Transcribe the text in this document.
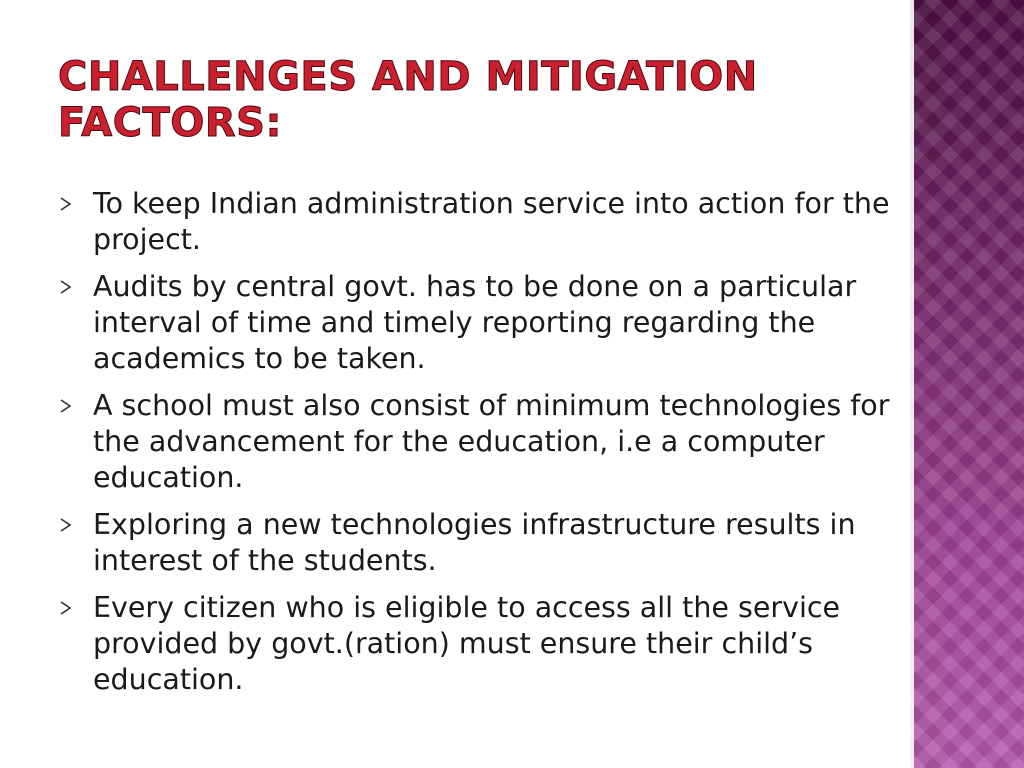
CHALLENGES AND MITIGATION FACTORS:
To keep Indian administration service into action for the project.
Audits by central govt. has to be done on a particular interval of time and timely reporting regarding the academics to be taken.
A school must also consist of minimum technologies for the advancement for the education, i.e a computer education.
Exploring a new technologies infrastructure results in interest of the students.
Every citizen who is eligible to access all the service provided by govt.(ration) must ensure their child’s education.
